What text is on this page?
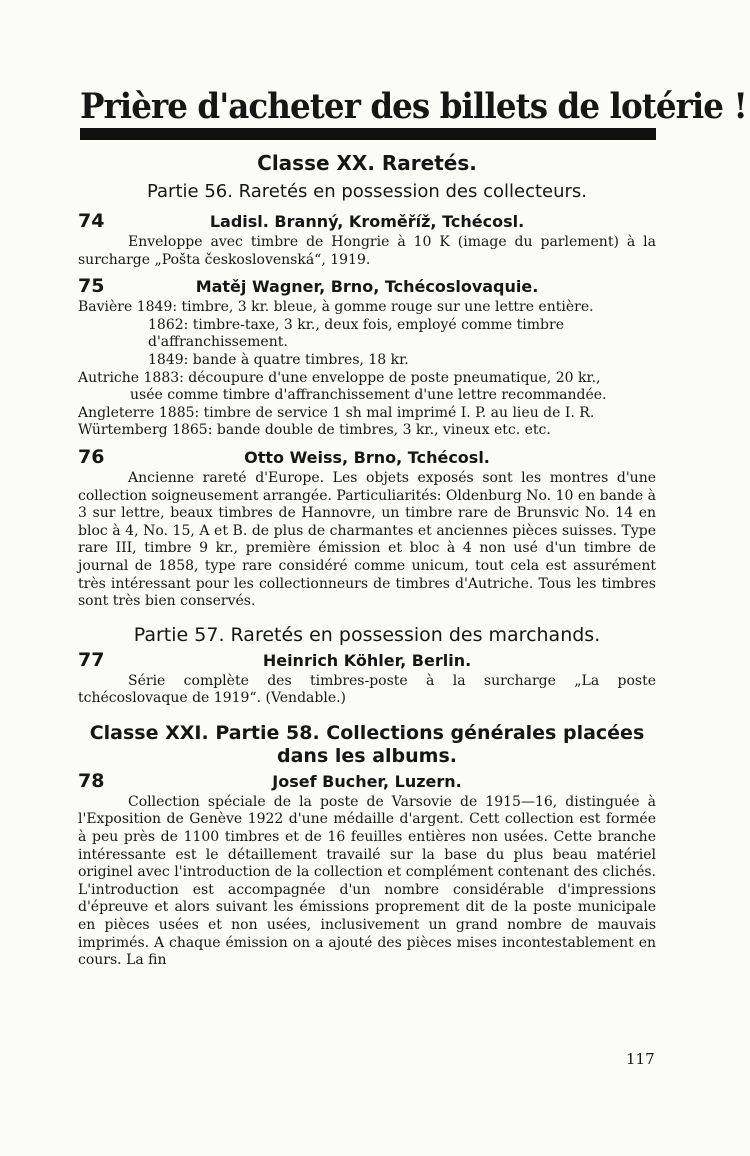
Prière d'acheter des billets de lotérie !
Classe XX. Raretés.
Partie 56. Raretés en possession des collecteurs.
74	Ladisl. Branný, Kroměříž, Tchécosl.

Enveloppe avec timbre de Hongrie à 10 K (image du parlement) à la surcharge „Pošta československá“, 1919.

75	Matěj Wagner, Brno, Tchécoslovaquie.

Bavière 1849: timbre, 3 kr. bleue, à gomme rouge sur une lettre entière.

1862: timbre-taxe, 3 kr., deux fois, employé comme timbre d'affranchissement.

1849: bande à quatre timbres, 18 kr.

Autriche 1883: découpure d'une enveloppe de poste pneumatique, 20 kr.,

usée comme timbre d'affranchissement d'une lettre recommandée.

Angleterre 1885: timbre de service 1 sh mal imprimé I. P. au lieu de I. R.

Würtemberg 1865: bande double de timbres, 3 kr., vineux etc. etc.

76	Otto Weiss, Brno, Tchécosl.

Ancienne rareté d'Europe. Les objets exposés sont les montres d'une collection soigneusement arrangée. Particuliarités: Oldenburg No. 10 en bande à 3 sur lettre, beaux timbres de Hannovre, un timbre rare de Brunsvic No. 14 en bloc à 4, No. 15, A et B. de plus de charmantes et anciennes pièces suisses. Type rare III, timbre 9 kr., première émission et bloc à 4 non usé d'un timbre de journal de 1858, type rare considéré comme unicum, tout cela est assurément très intéressant pour les collectionneurs de timbres d'Autriche. Tous les timbres sont très bien conservés.

Partie 57. Raretés en possession des marchands.
77	Heinrich Köhler, Berlin.

Série complète des timbres-poste à la surcharge „La poste tchécoslovaque de 1919“. (Vendable.)

Classe XXI. Partie 58. Collections générales placées
dans les albums.
78	Josef Bucher, Luzern.

Collection spéciale de la poste de Varsovie de 1915—16, distinguée à l'Exposition de Genève 1922 d'une médaille d'argent. Cett collection est formée à peu près de 1100 timbres et de 16 feuilles entières non usées. Cette branche intéressante est le détaillement travailé sur la base du plus beau matériel originel avec l'introduction de la collection et complément contenant des clichés. L'introduction est accompagnée d'un nombre considérable d'impressions d'épreuve et alors suivant les émissions proprement dit de la poste municipale en pièces usées et non usées, inclusivement un grand nombre de mauvais imprimés. A chaque émission on a ajouté des pièces mises incontestablement en cours. La fin

117
